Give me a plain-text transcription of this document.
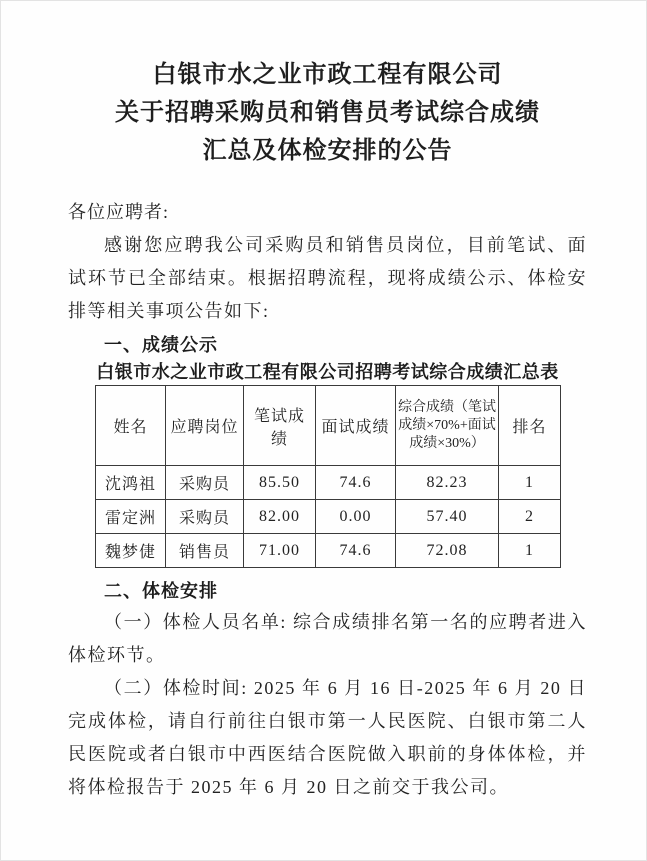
白银市水之业市政工程有限公司
关于招聘采购员和销售员考试综合成绩
汇总及体检安排的公告

各位应聘者:

感谢您应聘我公司采购员和销售员岗位，目前笔试、面试环节已全部结束。根据招聘流程，现将成绩公示、体检安排等相关事项公告如下:

一、成绩公示
白银市水之业市政工程有限公司招聘考试综合成绩汇总表
姓名	应聘岗位	笔试成绩	面试成绩	综合成绩（笔试成绩×70%+面试成绩×30%）	排名
沈鸿祖	采购员	85.50	74.6	82.23	1
雷定洲	采购员	82.00	0.00	57.40	2
魏梦倢	销售员	71.00	74.6	72.08	1
二、体检安排

（一）体检人员名单: 综合成绩排名第一名的应聘者进入体检环节。

（二）体检时间: 2025 年 6 月 16 日-2025 年 6 月 20 日完成体检，请自行前往白银市第一人民医院、白银市第二人民医院或者白银市中西医结合医院做入职前的身体体检，并将体检报告于 2025 年 6 月 20 日之前交于我公司。
